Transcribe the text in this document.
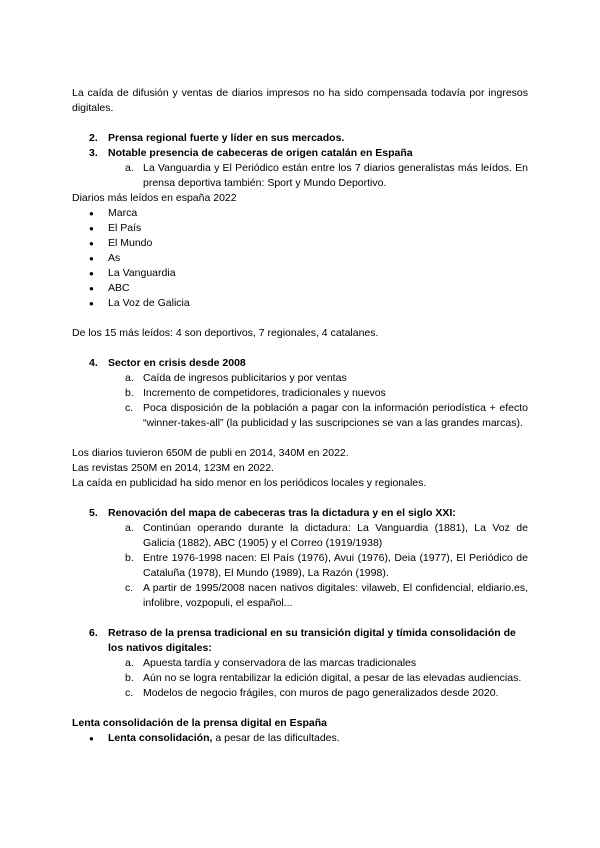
La caída de difusión y ventas de diarios impresos no ha sido compensada todavía por ingresos digitales.

2. Prensa regional fuerte y líder en sus mercados.
3. Notable presencia de cabeceras de origen catalán en España
a. La Vanguardia y El Periódico están entre los 7 diarios generalistas más leídos. En prensa deportiva también: Sport y Mundo Deportivo.

Diarios más leídos en españa 2022

●	Marca
●	El País
●	El Mundo
●	As
●	La Vanguardia
●	ABC
●	La Voz de Galicia

De los 15 más leídos: 4 son deportivos, 7 regionales, 4 catalanes.

4. Sector en crisis desde 2008
a. Caída de ingresos publicitarios y por ventas
b. Incremento de competidores, tradicionales y nuevos
c. Poca disposición de la población a pagar con la información periodística + efecto “winner-takes-all” (la publicidad y las suscripciones se van a las grandes marcas).

Los diarios tuvieron 650M de publi en 2014, 340M en 2022.

Las revistas 250M en 2014, 123M en 2022.

La caída en publicidad ha sido menor en los periódicos locales y regionales.

5. Renovación del mapa de cabeceras tras la dictadura y en el siglo XXI:
a. Continúan operando durante la dictadura: La Vanguardia (1881), La Voz de Galicia (1882), ABC (1905) y el Correo (1919/1938)
b. Entre 1976-1998 nacen: El País (1976), Avui (1976), Deia (1977), El Periódico de Cataluña (1978), El Mundo (1989), La Razón (1998).
c. A partir de 1995/2008 nacen nativos digitales: vilaweb, El confidencial, eldiario.es, infolibre, vozpopuli, el español...
6. Retraso de la prensa tradicional en su transición digital y tímida consolidación de los nativos digitales:
a. Apuesta tardía y conservadora de las marcas tradicionales
b. Aún no se logra rentabilizar la edición digital, a pesar de las elevadas audiencias.
c. Modelos de negocio frágiles, con muros de pago generalizados desde 2020.

Lenta consolidación de la prensa digital en España

●	Lenta consolidación, a pesar de las dificultades.
